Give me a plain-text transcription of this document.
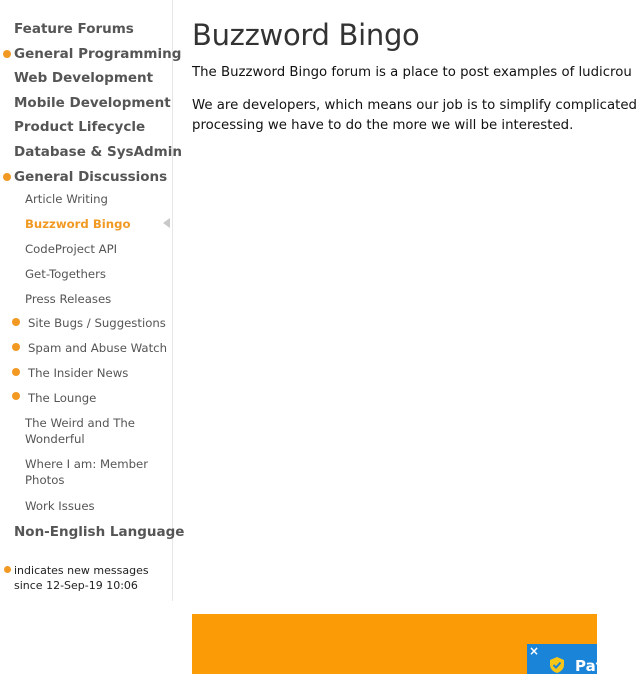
Feature Forums
General Programming
Web Development
Mobile Development
Product Lifecycle
Database & SysAdmin
General Discussions
Article Writing
Buzzword Bingo
CodeProject API
Get-Togethers
Press Releases
Site Bugs / Suggestions
Spam and Abuse Watch
The Insider News
The Lounge
The Weird and The Wonderful
Where I am: Member Photos
Work Issues
Non-English Language
indicates new messages since 12-Sep-19 10:06
Buzzword Bingo
The Buzzword Bingo forum is a place to post examples of ludicrou
We are developers, which means our job is to simplify complicated
processing we have to do the more we will be interested.
×
Pat
